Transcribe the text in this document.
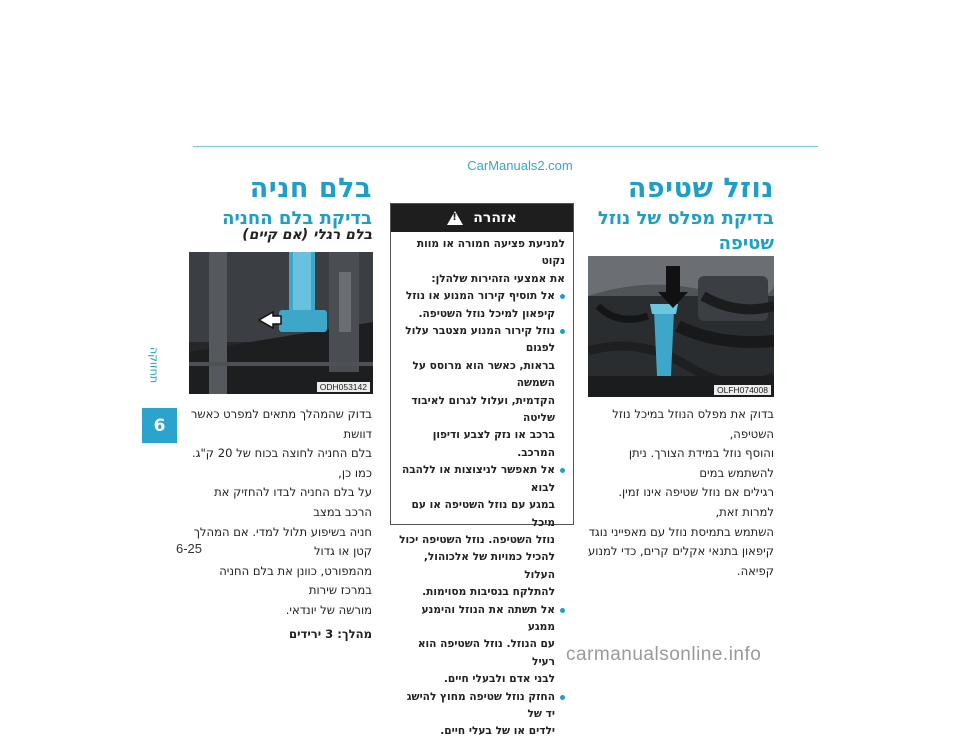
CarManuals2.com
נוזל שטיפה
בדיקת מפלס של נוזל שטיפה
OLFH074008
בדוק את מפלס הנוזל במיכל נוזל השטיפה,
והוסף נוזל במידת הצורך. ניתן להשתמש במים
רגילים אם נוזל שטיפה אינו זמין. למרות זאת,
השתמש בתמיסת נוזל עם מאפייני נוגד
קיפאון בתנאי אקלים קרים, כדי למנוע קפיאה.
אזהרה
!

למניעת פציעה חמורה או מוות נקוט
את אמצעי הזהירות שלהלן:

אל תוסיף קירור המנוע או נוזל
קיפאון למיכל נוזל השטיפה.
נוזל קירור המנוע מצטבר עלול לפגום
בראות, כאשר הוא מרוסס על השמשה
הקדמית, ועלול לגרום לאיבוד שליטה
ברכב או נזק לצבע ודיפון המרכב.
אל תאפשר לניצוצות או ללהבה לבוא
במגע עם נוזל השטיפה או עם מיכל
נוזל השטיפה. נוזל השטיפה יכול
להכיל כמויות של אלכוהול, העלול
להתלקח בנסיבות מסוימות.
אל תשתה את הנוזל והימנע ממגע
עם הנוזל. נוזל השטיפה הוא רעיל
לבני אדם ולבעלי חיים.
החזק נוזל שטיפה מחוץ להישג יד של
ילדים או של בעלי חיים.
בלם חניה
בדיקת בלם החניה
בלם רגלי (אם קיים)
ODH053142
בדוק שהמהלך מתאים למפרט כאשר דוושת
בלם החניה לחוצה בכוח של 20 ק"ג. כמו כן,
על בלם החניה לבדו להחזיק את הרכב במצב
חניה בשיפוע תלול למדי. אם המהלך קטן או גדול
מהמפורט, כוונן את בלם החניה במרכז שירות
מורשה של יונדאי.
מהלך: 3 ירידים
תחזוקה
6
6-25
carmanualsonline.info
